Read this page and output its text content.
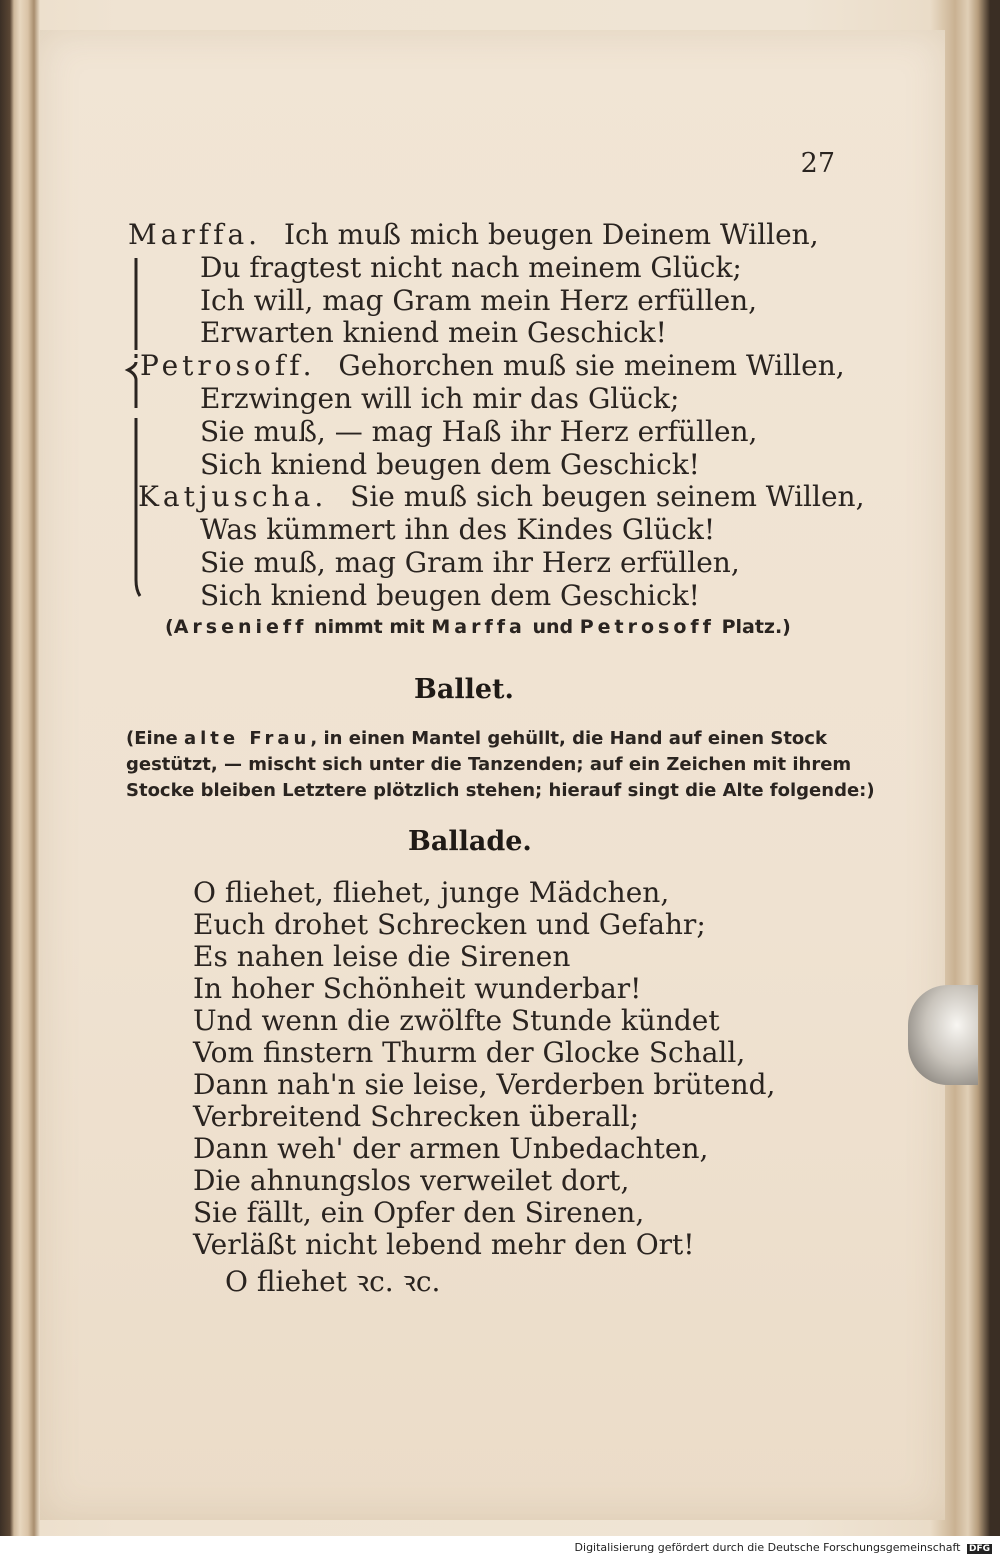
27
Marffa. Ich muß mich beugen Deinem Willen,
Du fragtest nicht nach meinem Glück;
Ich will, mag Gram mein Herz erfüllen,
Erwarten kniend mein Geschick!
Petrosoff. Gehorchen muß sie meinem Willen,
Erzwingen will ich mir das Glück;
Sie muß, — mag Haß ihr Herz erfüllen,
Sich kniend beugen dem Geschick!
Katjuscha. Sie muß sich beugen seinem Willen,
Was kümmert ihn des Kindes Glück!
Sie muß, mag Gram ihr Herz erfüllen,
Sich kniend beugen dem Geschick!
(Arsenieff nimmt mit Marffa und Petrosoff Platz.)
Ballet.
(Eine alte Frau, in einen Mantel gehüllt, die Hand auf einen Stock
gestützt, — mischt sich unter die Tanzenden; auf ein Zeichen mit ihrem
Stocke bleiben Letztere plötzlich stehen; hierauf singt die Alte folgende:)
Ballade.
O fliehet, fliehet, junge Mädchen,
Euch drohet Schrecken und Gefahr;
Es nahen leise die Sirenen
In hoher Schönheit wunderbar!
Und wenn die zwölfte Stunde kündet
Vom finstern Thurm der Glocke Schall,
Dann nah'n sie leise, Verderben brütend,
Verbreitend Schrecken überall;
Dann weh' der armen Unbedachten,
Die ahnungslos verweilet dort,
Sie fällt, ein Opfer den Sirenen,
Verläßt nicht lebend mehr den Ort!
O fliehet ꝛc. ꝛc.
Digitalisierung gefördert durch die Deutsche Forschungsgemeinschaft DFG
